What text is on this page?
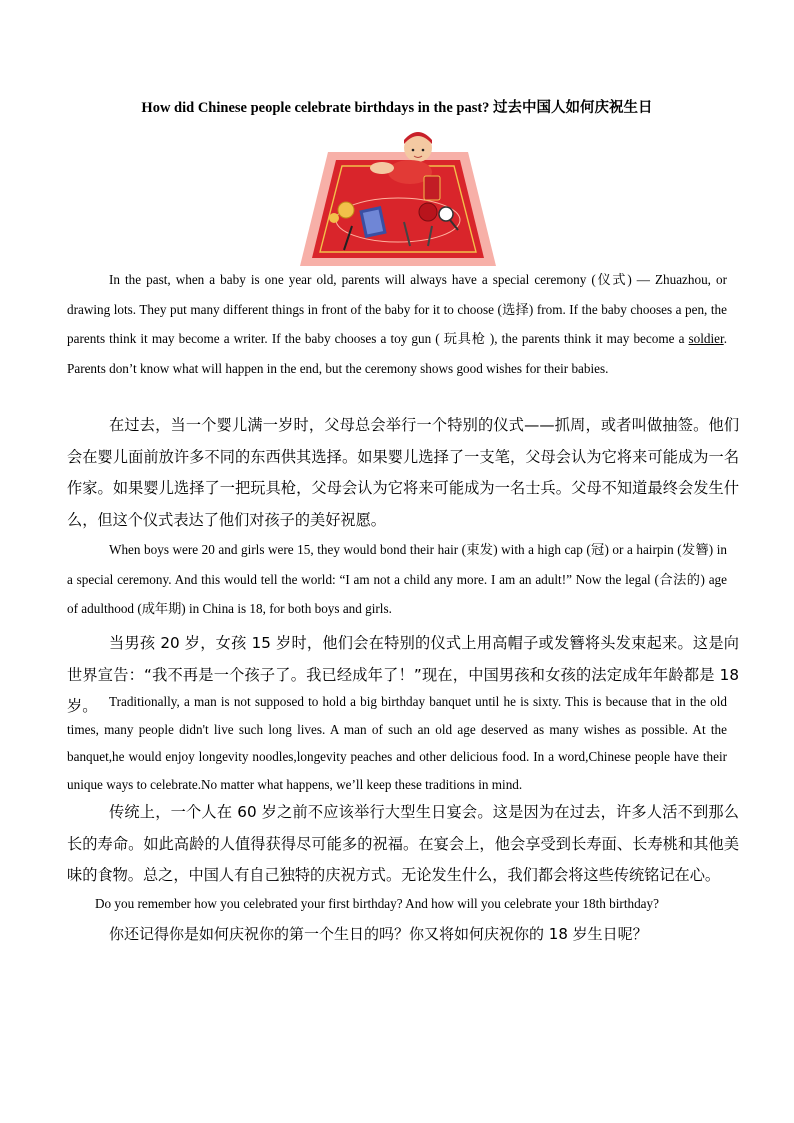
How did Chinese people celebrate birthdays in the past? 过去中国人如何庆祝生日

In the past, when a baby is one year old, parents will always have a special ceremony (仪式) — Zhuazhou, or drawing lots. They put many different things in front of the baby for it to choose (选择) from. If the baby chooses a pen, the parents think it may become a writer. If the baby chooses a toy gun ( 玩具枪 ), the parents think it may become a soldier. Parents don’t know what will happen in the end, but the ceremony shows good wishes for their babies.

在过去，当一个婴儿满一岁时，父母总会举行一个特别的仪式——抓周，或者叫做抽签。他们会在婴儿面前放许多不同的东西供其选择。如果婴儿选择了一支笔，父母会认为它将来可能成为一名作家。如果婴儿选择了一把玩具枪，父母会认为它将来可能成为一名士兵。父母不知道最终会发生什么，但这个仪式表达了他们对孩子的美好祝愿。

When boys were 20 and girls were 15, they would bond their hair (束发) with a high cap (冠) or a hairpin (发簪) in a special ceremony. And this would tell the world: “I am not a child any more. I am an adult!” Now the legal (合法的) age of adulthood (成年期) in China is 18, for both boys and girls.

当男孩 20 岁，女孩 15 岁时，他们会在特别的仪式上用高帽子或发簪将头发束起来。这是向世界宣告：“我不再是一个孩子了。我已经成年了！”现在，中国男孩和女孩的法定成年年龄都是 18 岁。 Traditionally, a man is not supposed to hold a big birthday banquet until he is sixty. This is because that in the old times, many people didn't live such long lives. A man of such an old age deserved as many wishes as possible. At the banquet,he would enjoy longevity noodles,longevity peaches and other delicious food. In a word,Chinese people have their unique ways to celebrate.No matter what happens, we’ll keep these traditions in mind.

传统上，一个人在 60 岁之前不应该举行大型生日宴会。这是因为在过去，许多人活不到那么长的寿命。如此高龄的人值得获得尽可能多的祝福。在宴会上，他会享受到长寿面、长寿桃和其他美味的食物。总之，中国人有自己独特的庆祝方式。无论发生什么，我们都会将这些传统铭记在心。

Do you remember how you celebrated your first birthday? And how will you celebrate your 18th birthday?

你还记得你是如何庆祝你的第一个生日的吗？你又将如何庆祝你的 18 岁生日呢？
